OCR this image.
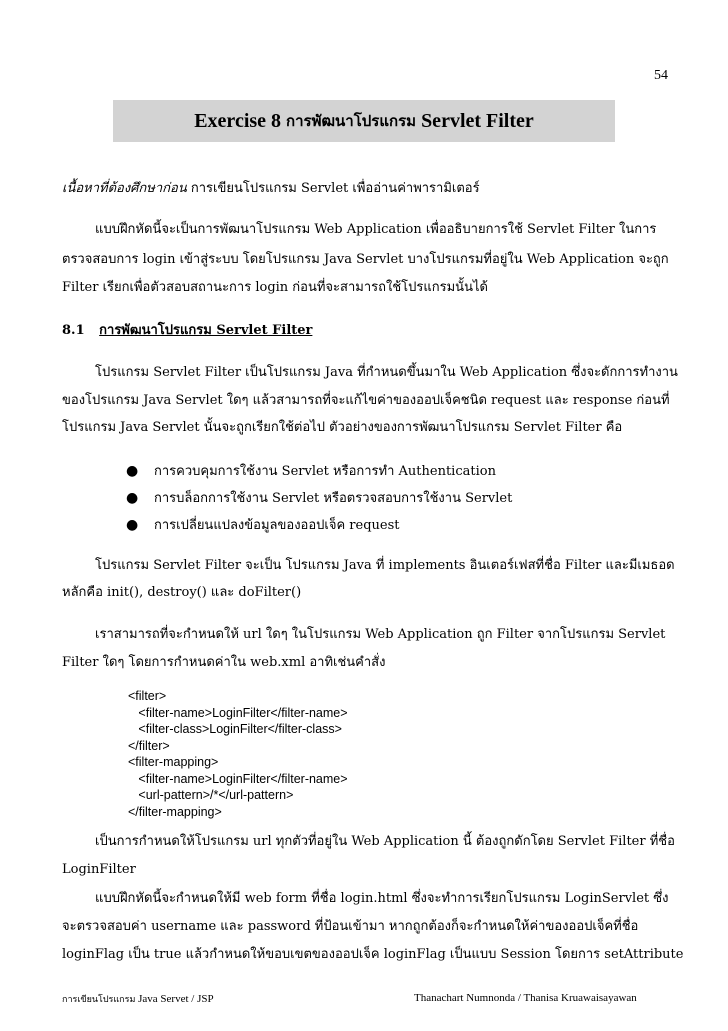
54
Exercise 8 การพัฒนาโปรแกรม Servlet Filter
เนื้อหาที่ต้องศึกษาก่อน การเขียนโปรแกรม Servlet เพื่ออ่านค่าพารามิเตอร์
แบบฝึกหัดนี้จะเป็นการพัฒนาโปรแกรม Web Application เพื่ออธิบายการใช้ Servlet Filter ในการ
ตรวจสอบการ login เข้าสู่ระบบ โดยโปรแกรม Java Servlet บางโปรแกรมที่อยู่ใน Web Application จะถูก
Filter เรียกเพื่อตัวสอบสถานะการ login ก่อนที่จะสามารถใช้โปรแกรมนั้นได้
8.1 การพัฒนาโปรแกรม Servlet Filter
โปรแกรม Servlet Filter เป็นโปรแกรม Java ที่กำหนดขึ้นมาใน Web Application ซึ่งจะดักการทำงาน
ของโปรแกรม Java Servlet ใดๆ แล้วสามารถที่จะแก้ไขค่าของออปเจ็คชนิด request และ response ก่อนที่
โปรแกรม Java Servlet นั้นจะถูกเรียกใช้ต่อไป ตัวอย่างของการพัฒนาโปรแกรม Servlet Filter คือ
● การควบคุมการใช้งาน Servlet หรือการทำ Authentication
● การบล็อกการใช้งาน Servlet หรือตรวจสอบการใช้งาน Servlet
● การเปลี่ยนแปลงข้อมูลของออปเจ็ค request
โปรแกรม Servlet Filter จะเป็น โปรแกรม Java ที่ implements อินเตอร์เฟสที่ชื่อ Filter และมีเมธอด
หลักคือ init(), destroy() และ doFilter()
เราสามารถที่จะกำหนดให้ url ใดๆ ในโปรแกรม Web Application ถูก Filter จากโปรแกรม Servlet
Filter ใดๆ โดยการกำหนดค่าใน web.xml อาทิเช่นคำสั่ง
<filter>
<filter-name>LoginFilter</filter-name>
<filter-class>LoginFilter</filter-class>
</filter>
<filter-mapping>
<filter-name>LoginFilter</filter-name>
<url-pattern>/*</url-pattern>
</filter-mapping>
เป็นการกำหนดให้โปรแกรม url ทุกตัวที่อยู่ใน Web Application นี้ ต้องถูกดักโดย Servlet Filter ที่ชื่อ
LoginFilter
แบบฝึกหัดนี้จะกำหนดให้มี web form ที่ชื่อ login.html ซึ่งจะทำการเรียกโปรแกรม LoginServlet ซึ่ง
จะตรวจสอบค่า username และ password ที่ป้อนเข้ามา หากถูกต้องก็จะกำหนดให้ค่าของออปเจ็คที่ชื่อ
loginFlag เป็น true แล้วกำหนดให้ขอบเขตของออปเจ็ค loginFlag เป็นแบบ Session โดยการ setAttribute
การเขียนโปรแกรม Java Servet / JSP	Thanachart Numnonda / Thanisa Kruawaisayawan
